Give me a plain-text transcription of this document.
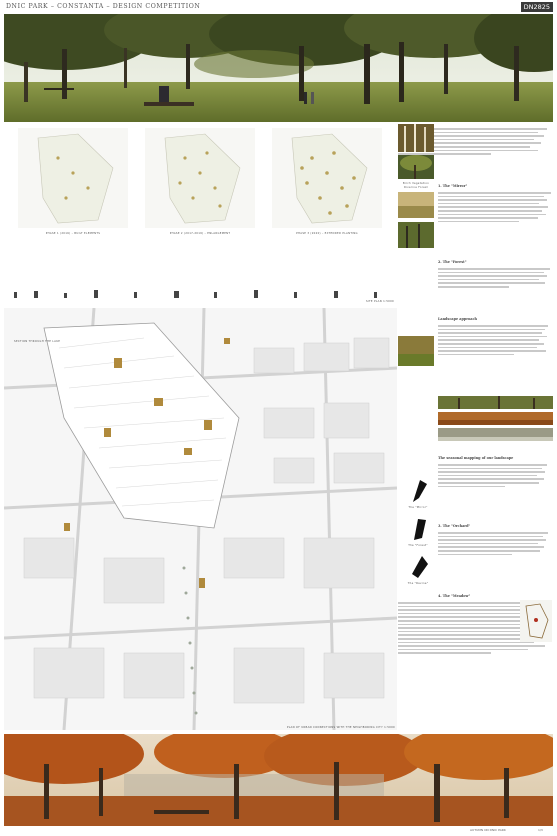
DNIC PARK – CONSTANTA – DESIGN COMPETITION	DN2825
PHASE 1 (2016) – BUILT ELEMENTS	PHASE 2 (2017-2019) – ENLARGEMENT	PHASE 3 (2020) – EXTENDED PLANTING
SITE PLAN 1:5000
SECTION THROUGH THE LAKE
PLAN OF URBAN CONNECTIONS WITH THE NEIGHBORING CITY 1:5000
1. The "Mirror"
2. The "Forest"
Landscape approach
The seasonal mapping of our landscape
3. The "Orchard"
4. The "Meadow"
Birch Vegetation
Riverine Forest
The "Mirror"
The "Forest"
The "Ravine"
AUTUMN ON DNIC PARK	1/3
